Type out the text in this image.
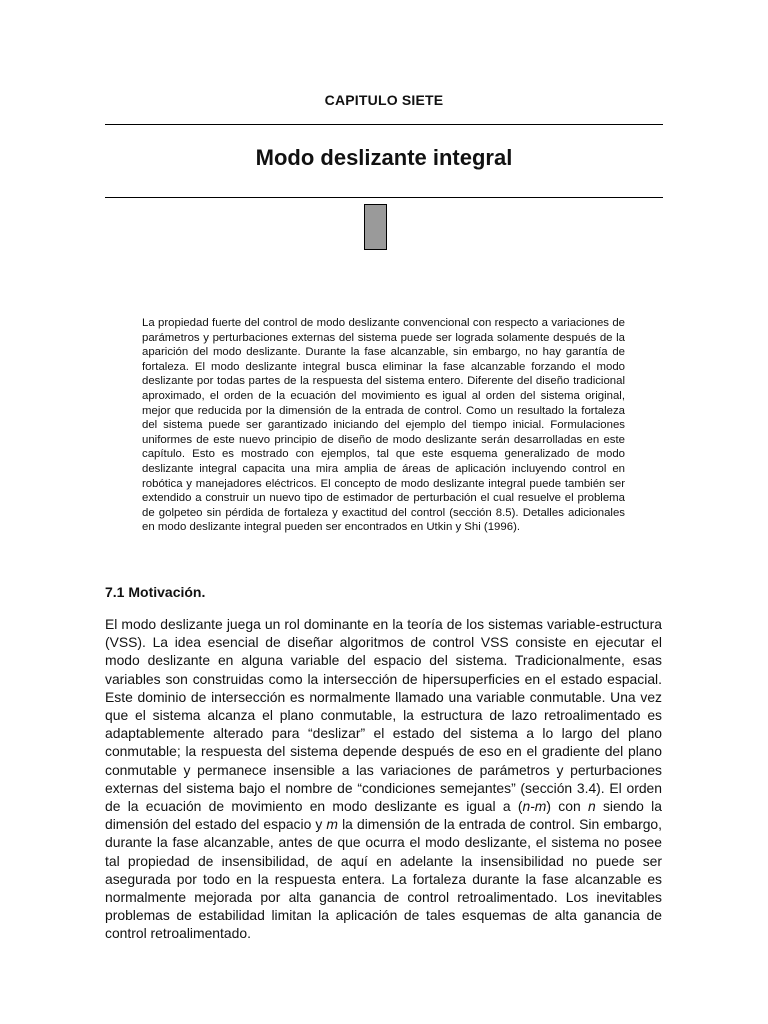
CAPITULO SIETE
Modo deslizante integral
La propiedad fuerte del control de modo deslizante convencional con respecto a variaciones de parámetros y perturbaciones externas del sistema puede ser lograda solamente después de la aparición del modo deslizante. Durante la fase alcanzable, sin embargo, no hay garantía de fortaleza. El modo deslizante integral busca eliminar la fase alcanzable forzando el modo deslizante por todas partes de la respuesta del sistema entero. Diferente del diseño tradicional aproximado, el orden de la ecuación del movimiento es igual al orden del sistema original, mejor que reducida por la dimensión de la entrada de control. Como un resultado la fortaleza del sistema puede ser garantizado iniciando del ejemplo del tiempo inicial. Formulaciones uniformes de este nuevo principio de diseño de modo deslizante serán desarrolladas en este capítulo. Esto es mostrado con ejemplos, tal que este esquema generalizado de modo deslizante integral capacita una mira amplia de áreas de aplicación incluyendo control en robótica y manejadores eléctricos. El concepto de modo deslizante integral puede también ser extendido a construir un nuevo tipo de estimador de perturbación el cual resuelve el problema de golpeteo sin pérdida de fortaleza y exactitud del control (sección 8.5). Detalles adicionales en modo deslizante integral pueden ser encontrados en Utkin y Shi (1996).
7.1 Motivación.

El modo deslizante juega un rol dominante en la teoría de los sistemas variable-estructura (VSS). La idea esencial de diseñar algoritmos de control VSS consiste en ejecutar el modo deslizante en alguna variable del espacio del sistema. Tradicionalmente, esas variables son construidas como la intersección de hipersuperficies en el estado espacial. Este dominio de intersección es normalmente llamado una variable conmutable. Una vez que el sistema alcanza el plano conmutable, la estructura de lazo retroalimentado es adaptablemente alterado para “deslizar” el estado del sistema a lo largo del plano conmutable; la respuesta del sistema depende después de eso en el gradiente del plano conmutable y permanece insensible a las variaciones de parámetros y perturbaciones externas del sistema bajo el nombre de “condiciones semejantes” (sección 3.4). El orden de la ecuación de movimiento en modo deslizante es igual a (n-m) con n siendo la dimensión del estado del espacio y m la dimensión de la entrada de control. Sin embargo, durante la fase alcanzable, antes de que ocurra el modo deslizante, el sistema no posee tal propiedad de insensibilidad, de aquí en adelante la insensibilidad no puede ser asegurada por todo en la respuesta entera. La fortaleza durante la fase alcanzable es normalmente mejorada por alta ganancia de control retroalimentado. Los inevitables problemas de estabilidad limitan la aplicación de tales esquemas de alta ganancia de control retroalimentado.
